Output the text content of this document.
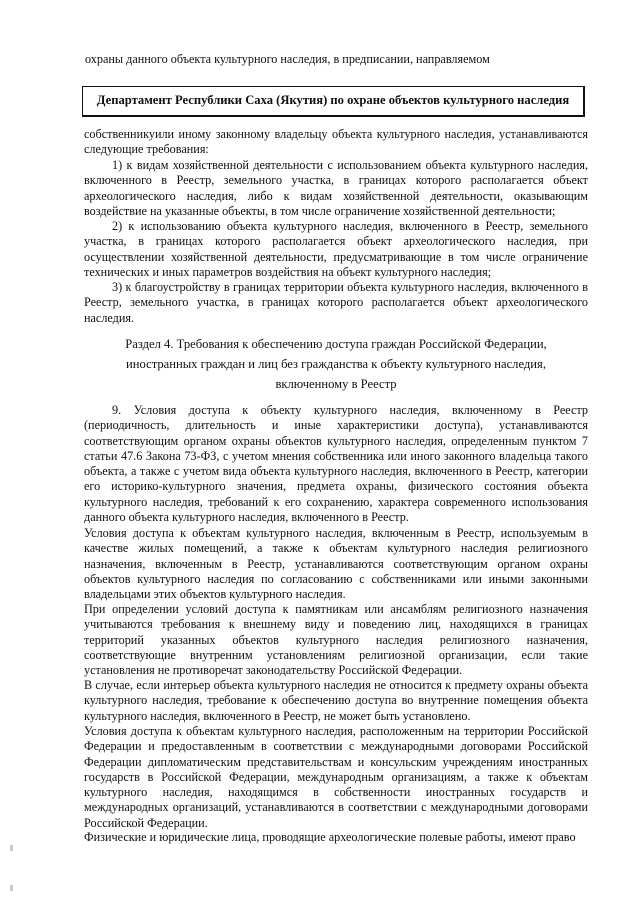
охраны данного объекта культурного наследия, в предписании, направляемом

Департамент Республики Саха (Якутия) по охране объектов культурного наследия

собственникуили иному законному владельцу объекта культурного наследия, устанавливаются следующие требования:

1) к видам хозяйственной деятельности с использованием объекта культурного наследия, включенного в Реестр, земельного участка, в границах которого располагается объект археологического наследия, либо к видам хозяйственной деятельности, оказывающим воздействие на указанные объекты, в том числе ограничение хозяйственной деятельности;

2) к использованию объекта культурного наследия, включенного в Реестр, земельного участка, в границах которого располагается объект археологического наследия, при осуществлении хозяйственной деятельности, предусматривающие в том числе ограничение технических и иных параметров воздействия на объект культурного наследия;

3) к благоустройству в границах территории объекта культурного наследия, включенного в Реестр, земельного участка, в границах которого располагается объект археологического наследия.

Раздел 4. Требования к обеспечению доступа граждан Российской Федерации,
иностранных граждан и лиц без гражданства к объекту культурного наследия,
включенному в Реестр

9. Условия доступа к объекту культурного наследия, включенному в Реестр (периодичность, длительность и иные характеристики доступа), устанавливаются соответствующим органом охраны объектов культурного наследия, определенным пунктом 7 статьи 47.6 Закона 73-ФЗ, с учетом мнения собственника или иного законного владельца такого объекта, а также с учетом вида объекта культурного наследия, включенного в Реестр, категории его историко-культурного значения, предмета охраны, физического состояния объекта культурного наследия, требований к его сохранению, характера современного использования данного объекта культурного наследия, включенного в Реестр.

Условия доступа к объектам культурного наследия, включенным в Реестр, используемым в качестве жилых помещений, а также к объектам культурного наследия религиозного назначения, включенным в Реестр, устанавливаются соответствующим органом охраны объектов культурного наследия по согласованию с собственниками или иными законными владельцами этих объектов культурного наследия.

При определении условий доступа к памятникам или ансамблям религиозного назначения учитываются требования к внешнему виду и поведению лиц, находящихся в границах территорий указанных объектов культурного наследия религиозного назначения, соответствующие внутренним установлениям религиозной организации, если такие установления не противоречат законодательству Российской Федерации.

В случае, если интерьер объекта культурного наследия не относится к предмету охраны объекта культурного наследия, требование к обеспечению доступа во внутренние помещения объекта культурного наследия, включенного в Реестр, не может быть установлено.

Условия доступа к объектам культурного наследия, расположенным на территории Российской Федерации и предоставленным в соответствии с международными договорами Российской Федерации дипломатическим представительствам и консульским учреждениям иностранных государств в Российской Федерации, международным организациям, а также к объектам культурного наследия, находящимся в собственности иностранных государств и международных организаций, устанавливаются в соответствии с международными договорами Российской Федерации.

Физические и юридические лица, проводящие археологические полевые работы, имеют право
